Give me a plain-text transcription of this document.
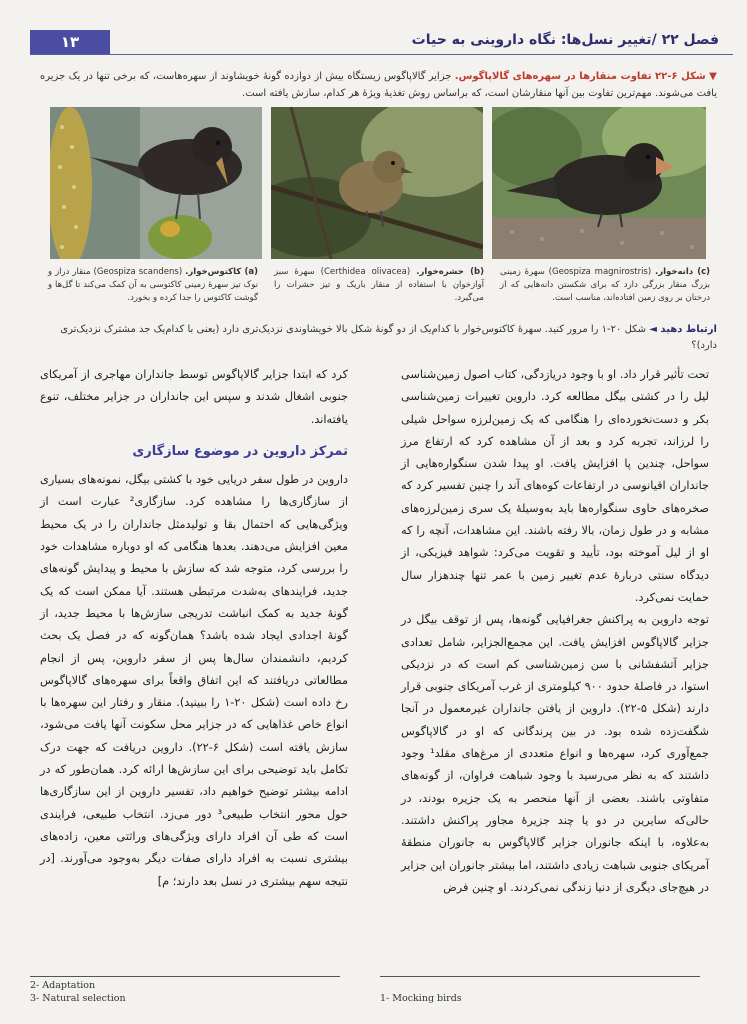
۱۳	فصل ۲۲ /تغییر نسل‌ها: نگاه داروینی به حیات
▼ شکل ۶-۲۲ تفاوت منقارها در سهره‌های گالاپاگوس. جزایر گالاپاگوس زیستگاه بیش از دوازده گونهٔ خویشاوند از سهره‌هاست، که برخی تنها در یک جزیره یافت می‌شوند. مهم‌ترین تفاوت بین آنها منقارشان است، که براساس روش تغذیهٔ ویژهٔ هر کدام، سازش یافته است.
(c) دانه‌خوار. (Geospiza magnirostris) سهرهٔ زمینی بزرگ منقار بزرگی دارد که برای شکستن دانه‌هایی که از درختان بر روی زمین افتاده‌اند، مناسب است.
(b) حشره‌خوار. (Certhidea olivacea) سهرهٔ سبز آوازخوان با استفاده از منقار باریک و تیز حشرات را می‌گیرد.
(a) کاکتوس‌خوار. (Geospiza scandens) منقار دراز و نوک تیز سهرهٔ زمینی کاکتوسی به آن کمک می‌کند تا گل‌ها و گوشت کاکتوس را جدا کرده و بخورد.
ارتباط دهید ◄ شکل ۲۰-۱ را مرور کنید. سهرهٔ کاکتوس‌خوار با کدام‌یک از دو گونهٔ شکل بالا خویشاوندی نزدیک‌تری دارد (یعنی با کدام‌یک جد مشترک نزدیک‌تری دارد)؟

تحت تأثیر قرار داد. او با وجود دریازدگی، کتاب اصول زمین‌شناسی لیل را در کشتی بیگل مطالعه کرد. داروین تغییرات زمین‌شناسی بکر و دست‌نخورده‌ای را هنگامی که یک زمین‌لرزه سواحل شیلی را لرزاند، تجربه کرد و بعد از آن مشاهده کرد که ارتفاع مرز سواحل، چندین پا افزایش یافت. او پیدا شدن سنگواره‌هایی از جانداران اقیانوسی در ارتفاعات کوه‌های آند را چنین تفسیر کرد که صخره‌های حاوی سنگواره‌ها باید به‌وسیلهٔ یک سری زمین‌لرزه‌های مشابه و در طول زمان، بالا رفته باشند. این مشاهدات، آنچه را که او از لیل آموخته بود، تأیید و تقویت می‌کرد: شواهد فیزیکی، از دیدگاه سنتی دربارهٔ عدم تغییر زمین با عمر تنها چندهزار سال حمایت نمی‌کرد.

توجه داروین به پراکنش جغرافیایی گونه‌ها، پس از توقف بیگل در جزایر گالاپاگوس افزایش یافت. این مجمع‌الجزایر، شامل تعدادی جزایر آتشفشانی با سن زمین‌شناسی کم است که در نزدیکی استوا، در فاصلهٔ حدود ۹۰۰ کیلومتری از غرب آمریکای جنوبی قرار دارند (شکل ۵-۲۲). داروین از یافتن جانداران غیرمعمول در آنجا شگفت‌زده شده بود. در بین پرندگانی که او در گالاپاگوس جمع‌آوری کرد، سهره‌ها و انواع متعددی از مرغ‌های مقلد¹ وجود داشتند که به نظر می‌رسید با وجود شباهت فراوان، از گونه‌های متفاوتی باشند. بعضی از آنها منحصر به یک جزیره بودند، در حالی‌که سایرین در دو یا چند جزیرهٔ مجاور پراکنش داشتند. به‌علاوه، با اینکه جانوران جزایر گالاپاگوس به جانوران منطقهٔ آمریکای جنوبی شباهت زیادی داشتند، اما بیشتر جانوران این جزایر در هیچ‌جای دیگری از دنیا زندگی نمی‌کردند. او چنین فرض

کرد که ابتدا جزایر گالاپاگوس توسط جانداران مهاجری از آمریکای جنوبی اشغال شدند و سپس این جانداران در جزایر مختلف، تنوع یافته‌اند.

تمرکز داروین در موضوع سازگاری

داروین در طول سفر دریایی خود با کشتی بیگل، نمونه‌های بسیاری از سازگاری‌ها را مشاهده کرد. سازگاری² عبارت است از ویژگی‌هایی که احتمال بقا و تولیدمثل جانداران را در یک محیط معین افزایش می‌دهند. بعدها هنگامی که او دوباره مشاهدات خود را بررسی کرد، متوجه شد که سازش با محیط و پیدایش گونه‌های جدید، فرایندهای به‌شدت مرتبطی هستند. آیا ممکن است که یک گونهٔ جدید به کمک انباشت تدریجی سازش‌ها با محیط جدید، از گونهٔ اجدادی ایجاد شده باشد؟ همان‌گونه که در فصل یک بحث کردیم، دانشمندان سال‌ها پس از سفر داروین، پس از انجام مطالعاتی دریافتند که این اتفاق واقعاً برای سهره‌های گالاپاگوس رخ داده است (شکل ۲۰-۱ را ببینید). منقار و رفتار این سهره‌ها با انواع خاص غذاهایی که در جزایر محل سکونت آنها یافت می‌شود، سازش یافته است (شکل ۶-۲۲). داروین دریافت که جهت درک تکامل باید توضیحی برای این سازش‌ها ارائه کرد. همان‌طور که در ادامه بیشتر توضیح خواهیم داد، تفسیر داروین از این سازگاری‌ها حول محور انتخاب طبیعی³ دور می‌زد. انتخاب طبیعی، فرایندی است که طی آن افراد دارای ویژگی‌های وراثتی معین، زاده‌های بیشتری نسبت به افراد دارای صفات دیگر به‌وجود می‌آورند. [در نتیجه سهم بیشتری در نسل بعد دارند؛ م]

2- Adaptation
3- Natural selection	1- Mocking birds
